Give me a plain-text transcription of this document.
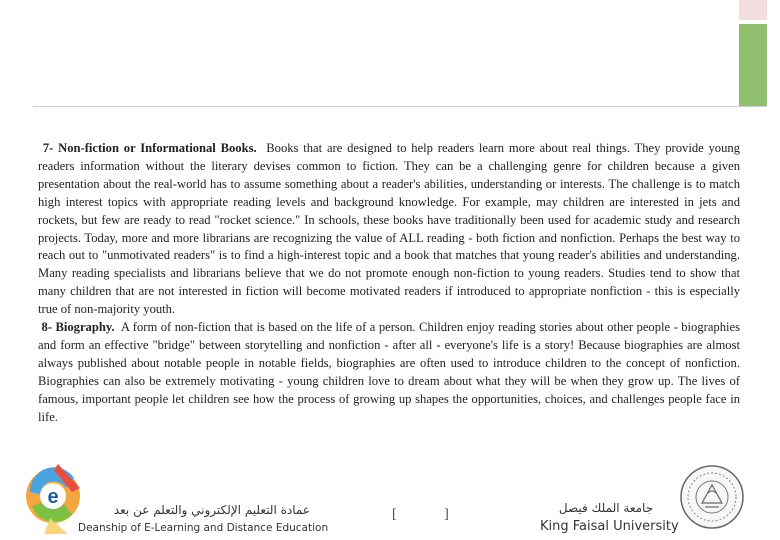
7- Non-fiction or Informational Books. Books that are designed to help readers learn more about real things. They provide young readers information without the literary devises common to fiction. They can be a challenging genre for children because a given presentation about the real-world has to assume something about a reader's abilities, understanding or interests. The challenge is to match high interest topics with appropriate reading levels and background knowledge. For example, may children are interested in jets and rockets, but few are ready to read "rocket science." In schools, these books have traditionally been used for academic study and research projects. Today, more and more librarians are recognizing the value of ALL reading - both fiction and nonfiction. Perhaps the best way to reach out to "unmotivated readers" is to find a high-interest topic and a book that matches that young reader's abilities and understanding. Many reading specialists and librarians believe that we do not promote enough non-fiction to young readers. Studies tend to show that many children that are not interested in fiction will become motivated readers if introduced to appropriate nonfiction - this is especially true of non-majority youth.

8- Biography. A form of non-fiction that is based on the life of a person. Children enjoy reading stories about other people - biographies and form an effective "bridge" between storytelling and nonfiction - after all - everyone's life is a story! Because biographies are almost always published about notable people in notable fields, biographies are often used to introduce children to the concept of nonfiction. Biographies can also be extremely motivating - young children love to dream about what they will be when they grow up. The lives of famous, important people let children see how the process of growing up shapes the opportunities, choices, and challenges people face in life.

e
عمادة التعليم الإلكتروني والتعلم عن بعد
Deanship of E-Learning and Distance Education
[ ]	جامعة الملك فيصل
King Faisal University
